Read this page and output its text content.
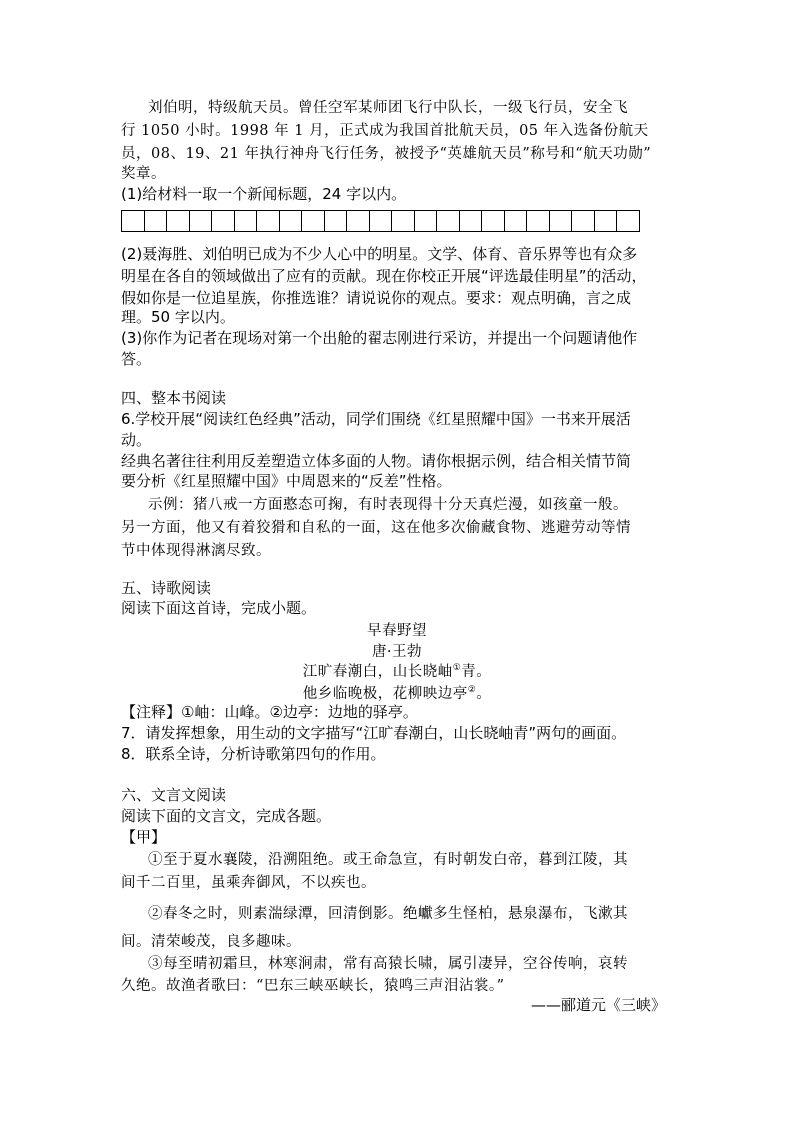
刘伯明，特级航天员。曾任空军某师团飞行中队长，一级飞行员，安全飞
行 1050 小时。1998 年 1 月，正式成为我国首批航天员，05 年入选备份航天
员，08、19、21 年执行神舟飞行任务，被授予“英雄航天员”称号和“航天功勋”
奖章。
(1)给材料一取一个新闻标题，24 字以内。
(2)聂海胜、刘伯明已成为不少人心中的明星。文学、体育、音乐界等也有众多
明星在各自的领域做出了应有的贡献。现在你校正开展“评选最佳明星”的活动，
假如你是一位追星族，你推选谁？请说说你的观点。要求：观点明确，言之成
理。50 字以内。
(3)你作为记者在现场对第一个出舱的翟志刚进行采访，并提出一个问题请他作
答。
四、整本书阅读
6.学校开展“阅读红色经典”活动，同学们围绕《红星照耀中国》一书来开展活
动。
经典名著往往利用反差塑造立体多面的人物。请你根据示例，结合相关情节简
要分析《红星照耀中国》中周恩来的“反差”性格。
示例：猪八戒一方面憨态可掬，有时表现得十分天真烂漫，如孩童一般。
另一方面，他又有着狡猾和自私的一面，这在他多次偷藏食物、逃避劳动等情
节中体现得淋漓尽致。
五、诗歌阅读
阅读下面这首诗，完成小题。
早春野望
唐·王勃
江旷春潮白，山长晓岫①青。
他乡临晚极，花柳映边亭②。
【注释】①岫：山峰。②边亭：边地的驿亭。
7．请发挥想象，用生动的文字描写“江旷春潮白，山长晓岫青”两句的画面。
8．联系全诗，分析诗歌第四句的作用。
六、文言文阅读
阅读下面的文言文，完成各题。
【甲】
①至于夏水襄陵，沿溯阻绝。或王命急宣，有时朝发白帝，暮到江陵，其
间千二百里，虽乘奔御风，不以疾也。
②春冬之时，则素湍绿潭，回清倒影。绝巘多生怪柏，悬泉瀑布，飞漱其
间。清荣峻茂，良多趣味。
③每至晴初霜旦，林寒涧肃，常有高猿长啸，属引凄异，空谷传响，哀转
久绝。故渔者歌曰：“巴东三峡巫峡长，猿鸣三声泪沾裳。”
——郦道元《三峡》
